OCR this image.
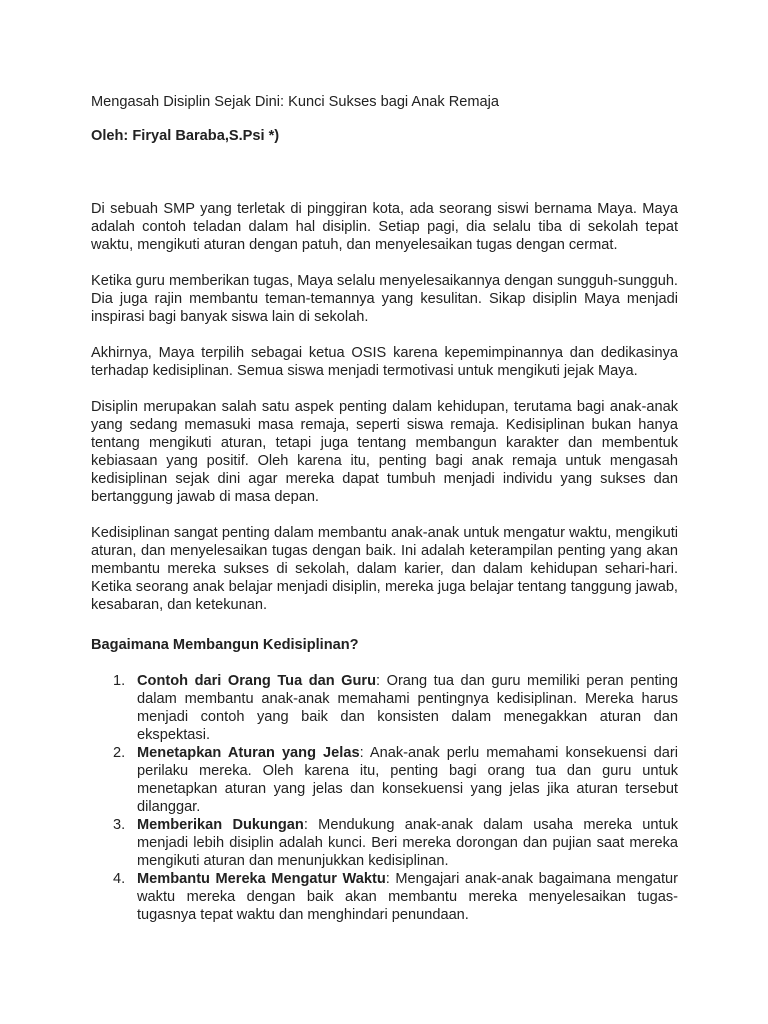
Mengasah Disiplin Sejak Dini: Kunci Sukses bagi Anak Remaja
Oleh: Firyal Baraba,S.Psi *)

Di sebuah SMP yang terletak di pinggiran kota, ada seorang siswi bernama Maya. Maya adalah contoh teladan dalam hal disiplin. Setiap pagi, dia selalu tiba di sekolah tepat waktu, mengikuti aturan dengan patuh, dan menyelesaikan tugas dengan cermat.

Ketika guru memberikan tugas, Maya selalu menyelesaikannya dengan sungguh-sungguh. Dia juga rajin membantu teman-temannya yang kesulitan. Sikap disiplin Maya menjadi inspirasi bagi banyak siswa lain di sekolah.

Akhirnya, Maya terpilih sebagai ketua OSIS karena kepemimpinannya dan dedikasinya terhadap kedisiplinan. Semua siswa menjadi termotivasi untuk mengikuti jejak Maya.

Disiplin merupakan salah satu aspek penting dalam kehidupan, terutama bagi anak-anak yang sedang memasuki masa remaja, seperti siswa remaja. Kedisiplinan bukan hanya tentang mengikuti aturan, tetapi juga tentang membangun karakter dan membentuk kebiasaan yang positif. Oleh karena itu, penting bagi anak remaja untuk mengasah kedisiplinan sejak dini agar mereka dapat tumbuh menjadi individu yang sukses dan bertanggung jawab di masa depan.

Kedisiplinan sangat penting dalam membantu anak-anak untuk mengatur waktu, mengikuti aturan, dan menyelesaikan tugas dengan baik. Ini adalah keterampilan penting yang akan membantu mereka sukses di sekolah, dalam karier, dan dalam kehidupan sehari-hari. Ketika seorang anak belajar menjadi disiplin, mereka juga belajar tentang tanggung jawab, kesabaran, dan ketekunan.

Bagaimana Membangun Kedisiplinan?
1. Contoh dari Orang Tua dan Guru: Orang tua dan guru memiliki peran penting dalam membantu anak-anak memahami pentingnya kedisiplinan. Mereka harus menjadi contoh yang baik dan konsisten dalam menegakkan aturan dan ekspektasi.
2. Menetapkan Aturan yang Jelas: Anak-anak perlu memahami konsekuensi dari perilaku mereka. Oleh karena itu, penting bagi orang tua dan guru untuk menetapkan aturan yang jelas dan konsekuensi yang jelas jika aturan tersebut dilanggar.
3. Memberikan Dukungan: Mendukung anak-anak dalam usaha mereka untuk menjadi lebih disiplin adalah kunci. Beri mereka dorongan dan pujian saat mereka mengikuti aturan dan menunjukkan kedisiplinan.
4. Membantu Mereka Mengatur Waktu: Mengajari anak-anak bagaimana mengatur waktu mereka dengan baik akan membantu mereka menyelesaikan tugas-tugasnya tepat waktu dan menghindari penundaan.
